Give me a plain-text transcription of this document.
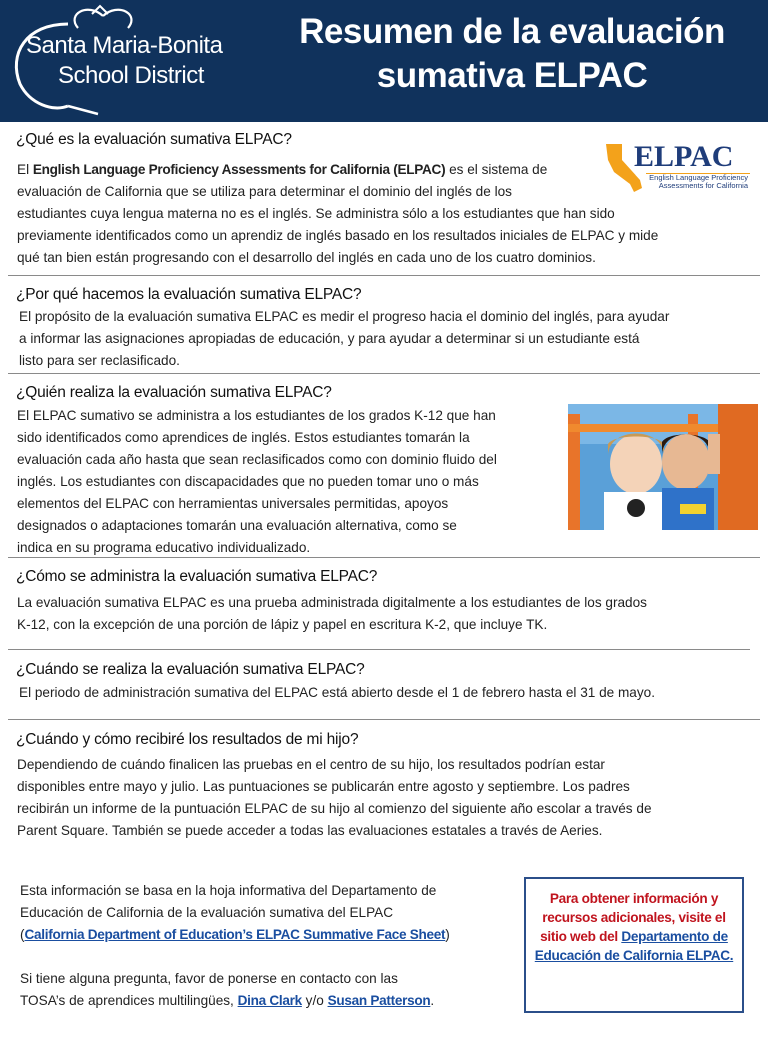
Santa Maria-Bonita
School District
Resumen de la evaluación sumativa ELPAC
¿Qué es la evaluación sumativa ELPAC?
El English Language Proficiency Assessments for California (ELPAC) es el sistema de
evaluación de California que se utiliza para determinar el dominio del inglés de los
estudiantes cuya lengua materna no es el inglés. Se administra sólo a los estudiantes que han sido
previamente identificados como un aprendiz de inglés basado en los resultados iniciales de ELPAC y mide
qué tan bien están progresando con el desarrollo del inglés en cada uno de los cuatro dominios.
ELPAC
English Language Proficiency
Assessments for California
¿Por qué hacemos la evaluación sumativa ELPAC?
El propósito de la evaluación sumativa ELPAC es medir el progreso hacia el dominio del inglés, para ayudar
a informar las asignaciones apropiadas de educación, y para ayudar a determinar si un estudiante está
listo para ser reclasificado.
¿Quién realiza la evaluación sumativa ELPAC?
El ELPAC sumativo se administra a los estudiantes de los grados K-12 que han
sido identificados como aprendices de inglés. Estos estudiantes tomarán la
evaluación cada año hasta que sean reclasificados como con dominio fluido del
inglés. Los estudiantes con discapacidades que no pueden tomar uno o más
elementos del ELPAC con herramientas universales permitidas, apoyos
designados o adaptaciones tomarán una evaluación alternativa, como se
indica en su programa educativo individualizado.
¿Cómo se administra la evaluación sumativa ELPAC?
La evaluación sumativa ELPAC es una prueba administrada digitalmente a los estudiantes de los grados
K-12, con la excepción de una porción de lápiz y papel en escritura K-2, que incluye TK.
¿Cuándo se realiza la evaluación sumativa ELPAC?
El periodo de administración sumativa del ELPAC está abierto desde el 1 de febrero hasta el 31 de mayo.
¿Cuándo y cómo recibiré los resultados de mi hijo?
Dependiendo de cuándo finalicen las pruebas en el centro de su hijo, los resultados podrían estar
disponibles entre mayo y julio. Las puntuaciones se publicarán entre agosto y septiembre. Los padres
recibirán un informe de la puntuación ELPAC de su hijo al comienzo del siguiente año escolar a través de
Parent Square. También se puede acceder a todas las evaluaciones estatales a través de Aeries.

Esta información se basa en la hoja informativa del Departamento de

Educación de California de la evaluación sumativa del ELPAC

(California Department of Education’s ELPAC Summative Face Sheet)

Si tiene alguna pregunta, favor de ponerse en contacto con las

TOSA’s de aprendices multilingües, Dina Clark y/o Susan Patterson.

Para obtener información y recursos adicionales, visite el sitio web del Departamento de Educación de California ELPAC.
